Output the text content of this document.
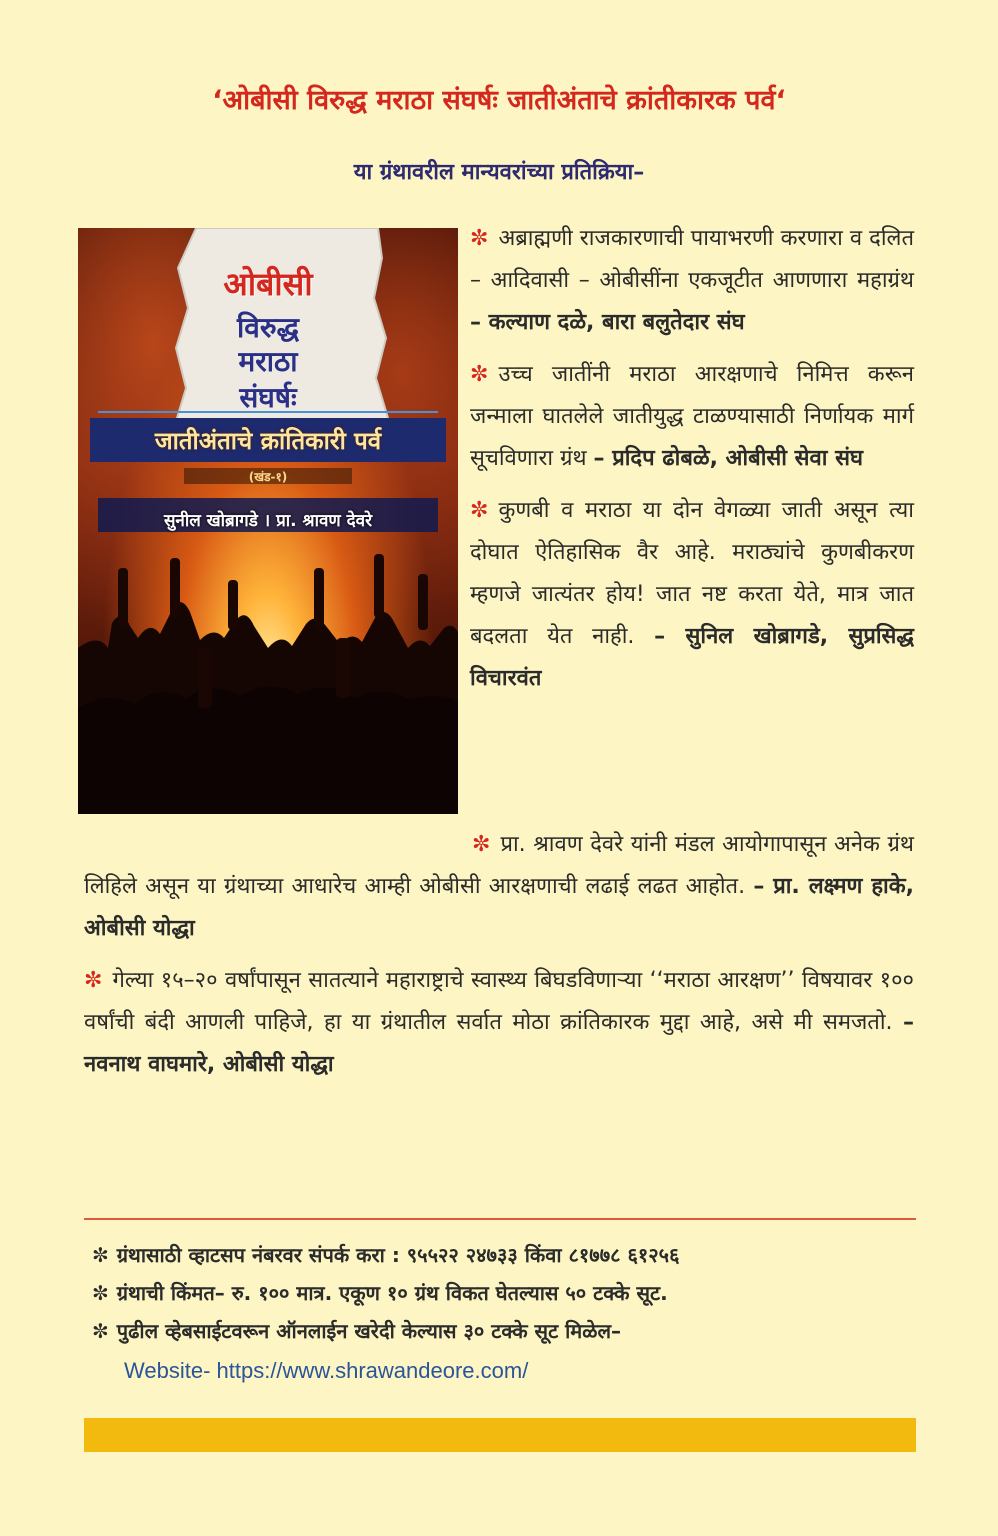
‘ओबीसी विरुद्ध मराठा संघर्षः जातीअंताचे क्रांतीकारक पर्व‘
या ग्रंथावरील मान्यवरांच्या प्रतिक्रिया–
ओबीसी
विरुद्ध
मराठा
संघर्षः
जातीअंताचे क्रांतिकारी पर्व
(खंड-१)
सुनील खोब्रागडे । प्रा. श्रावण देवरे

✼ अब्राह्मणी राजकारणाची पायाभरणी करणारा व दलित – आदिवासी – ओबीसींना एकजूटीत आणणारा महाग्रंथ – कल्याण दळे, बारा बलुतेदार संघ

✼ उच्च जातींनी मराठा आरक्षणाचे निमित्त करून जन्माला घातलेले जातीयुद्ध टाळण्यासाठी निर्णायक मार्ग सूचविणारा ग्रंथ – प्रदिप ढोबळे, ओबीसी सेवा संघ

✼ कुणबी व मराठा या दोन वेगळ्या जाती असून त्या दोघात ऐतिहासिक वैर आहे. मराठ्यांचे कुणबीकरण म्हणजे जात्यंतर होय! जात नष्ट करता येते, मात्र जात बदलता येत नाही. – सुनिल खोब्रागडे, सुप्रसिद्ध विचारवंत

✼ प्रा. श्रावण देवरे यांनी मंडल आयोगापासून अनेक ग्रंथ लिहिले असून या ग्रंथाच्या आधारेच आम्ही ओबीसी आरक्षणाची लढाई लढत आहोत. – प्रा. लक्ष्मण हाके, ओबीसी योद्धा

✼ गेल्या १५–२० वर्षांपासून सातत्याने महाराष्ट्राचे स्वास्थ्य बिघडविणाऱ्या ‘‘मराठा आरक्षण’’ विषयावर १०० वर्षांची बंदी आणली पाहिजे, हा या ग्रंथातील सर्वात मोठा क्रांतिकारक मुद्दा आहे, असे मी समजतो. – नवनाथ वाघमारे, ओबीसी योद्धा

✼ ग्रंथासाठी व्हाटसप नंबरवर संपर्क करा : ९५५२२ २४७३३ किंवा ८१७७८ ६१२५६
✼ ग्रंथाची किंमत– रु. १०० मात्र. एकूण १० ग्रंथ विकत घेतल्यास ५० टक्के सूट.
✼ पुढील व्हेबसाईटवरून ऑनलाईन खरेदी केल्यास ३० टक्के सूट मिळेल–
Website- https://www.shrawandeore.com/
